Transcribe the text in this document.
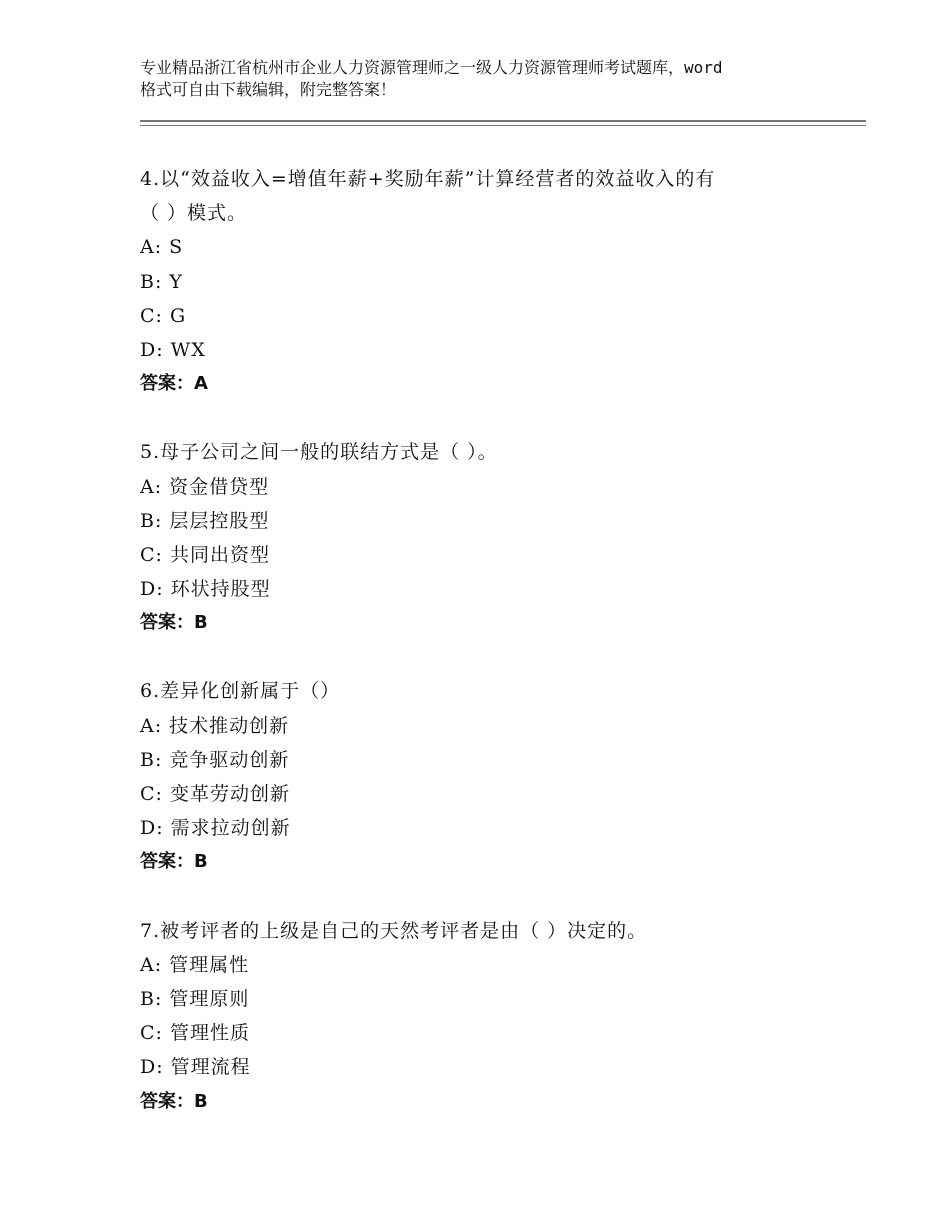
专业精品浙江省杭州市企业人力资源管理师之一级人力资源管理师考试题库，word
格式可自由下载编辑，附完整答案！
4.以“效益收入=增值年薪+奖励年薪”计算经营者的效益收入的有
（ ）模式。
A: S
B: Y
C: G
D: WX
答案：A
5.母子公司之间一般的联结方式是（ ）。
A: 资金借贷型
B: 层层控股型
C: 共同出资型
D: 环状持股型
答案：B
6.差异化创新属于（）
A: 技术推动创新
B: 竞争驱动创新
C: 变革劳动创新
D: 需求拉动创新
答案：B
7.被考评者的上级是自己的天然考评者是由（ ）决定的。
A: 管理属性
B: 管理原则
C: 管理性质
D: 管理流程
答案：B
